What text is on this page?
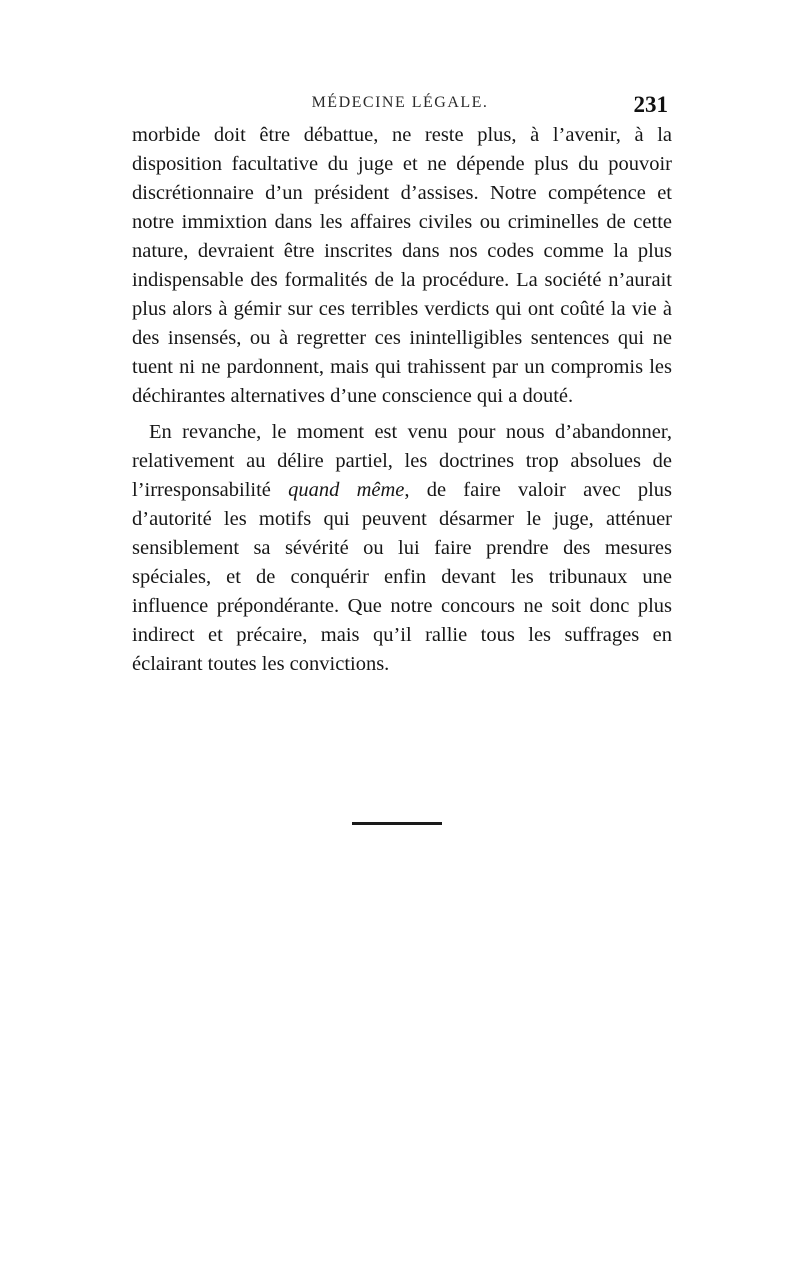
MÉDECINE LÉGALE.	231

morbide doit être débattue, ne reste plus, à l’avenir, à la disposition facultative du juge et ne dépende plus du pouvoir discrétionnaire d’un président d’assises. Notre compétence et notre immixtion dans les affaires civiles ou criminelles de cette nature, devraient être inscrites dans nos codes comme la plus indispensable des formalités de la procédure. La société n’aurait plus alors à gémir sur ces terribles verdicts qui ont coûté la vie à des insensés, ou à regretter ces inintelligibles sentences qui ne tuent ni ne pardonnent, mais qui trahissent par un compromis les déchirantes alternatives d’une conscience qui a douté.

En revanche, le moment est venu pour nous d’abandonner, relativement au délire partiel, les doctrines trop absolues de l’irresponsabilité quand même, de faire valoir avec plus d’autorité les motifs qui peuvent désarmer le juge, atténuer sensiblement sa sévérité ou lui faire prendre des mesures spéciales, et de conquérir enfin devant les tribunaux une influence prépondérante. Que notre concours ne soit donc plus indirect et précaire, mais qu’il rallie tous les suffrages en éclairant toutes les convictions.
